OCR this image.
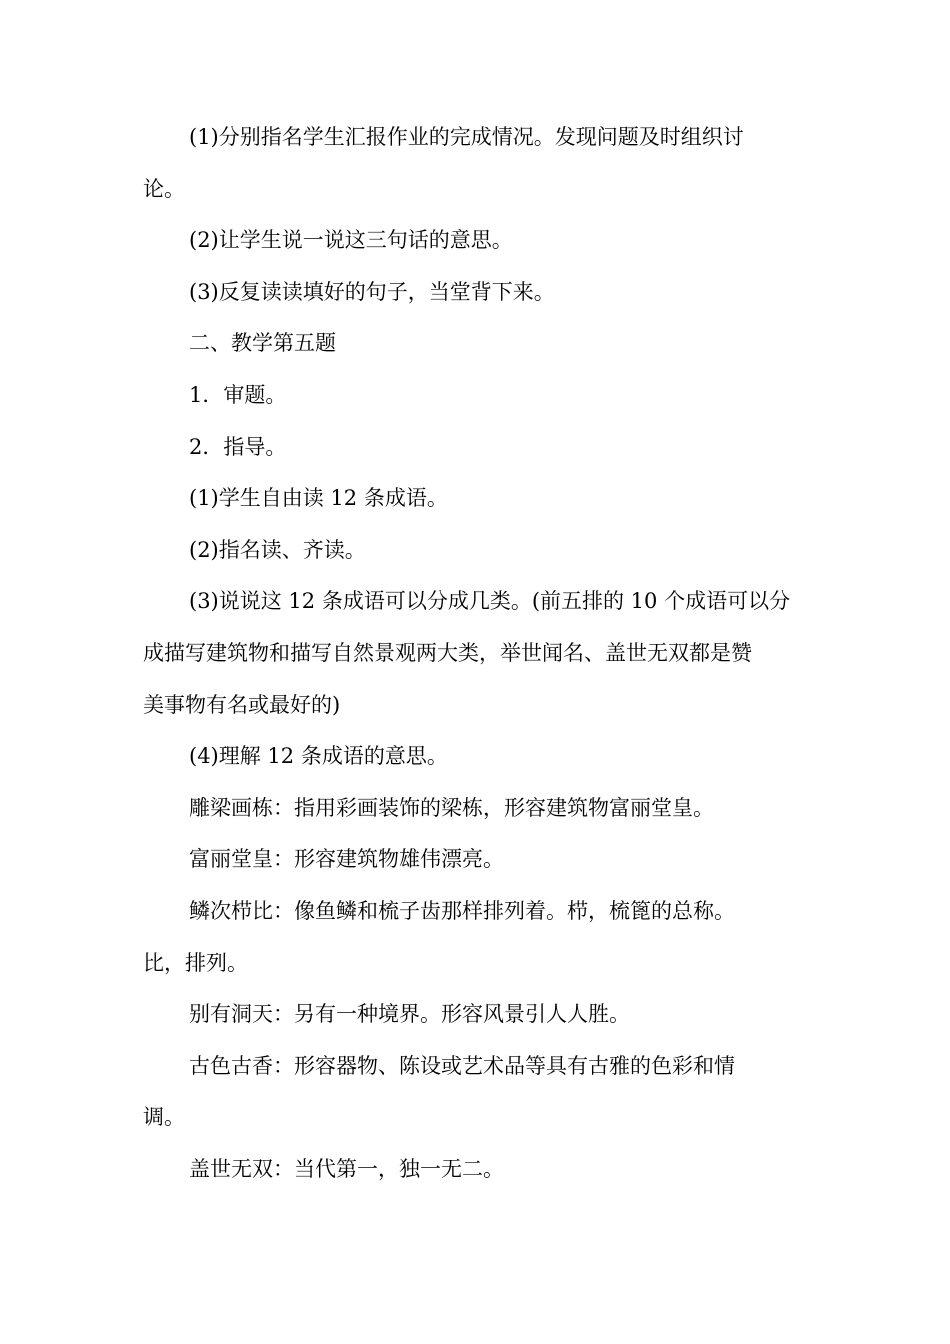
(1)分别指名学生汇报作业的完成情况。发现问题及时组织讨
论。

(2)让学生说一说这三句话的意思。

(3)反复读读填好的句子，当堂背下来。

二、教学第五题

1．审题。

2．指导。

(1)学生自由读 12 条成语。

(2)指名读、齐读。

(3)说说这 12 条成语可以分成几类。(前五排的 10 个成语可以分
成描写建筑物和描写自然景观两大类，举世闻名、盖世无双都是赞
美事物有名或最好的)

(4)理解 12 条成语的意思。

雕梁画栋：指用彩画装饰的梁栋，形容建筑物富丽堂皇。

富丽堂皇：形容建筑物雄伟漂亮。

鳞次栉比：像鱼鳞和梳子齿那样排列着。栉，梳篦的总称。
比，排列。

别有洞天：另有一种境界。形容风景引人人胜。

古色古香：形容器物、陈设或艺术品等具有古雅的色彩和情
调。

盖世无双：当代第一，独一无二。
